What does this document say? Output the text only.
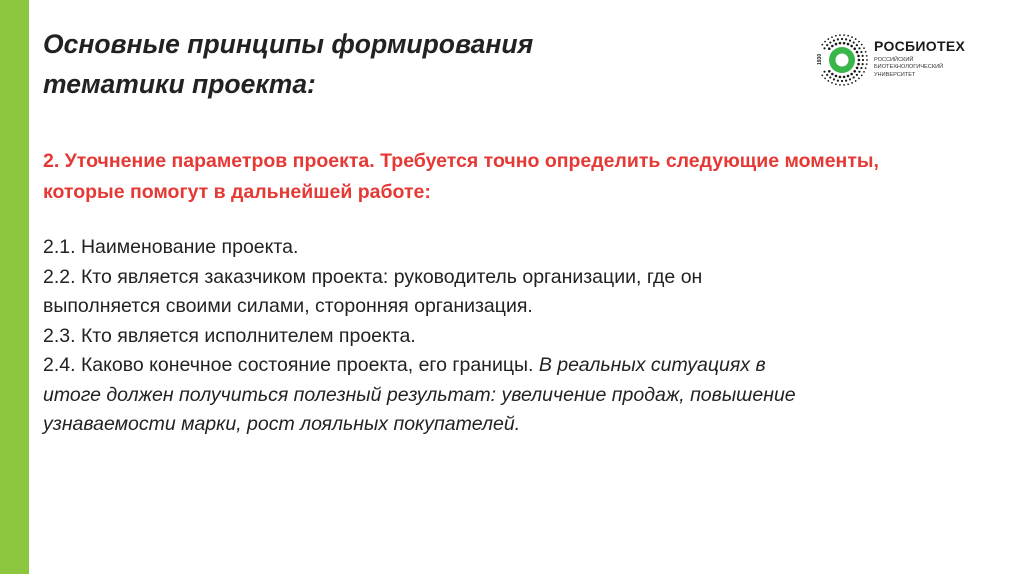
Основные принципы формирования
тематики проекта:
1930
РОСБИОТЕХ
РОССИЙСКИЙ
БИОТЕХНОЛОГИЧЕСКИЙ
УНИВЕРСИТЕТ
2. Уточнение параметров проекта. Требуется точно определить следующие моменты,
которые помогут в дальнейшей работе:
2.1. Наименование проекта.
2.2. Кто является заказчиком проекта: руководитель организации, где он
выполняется своими силами, сторонняя организация.
2.3. Кто является исполнителем проекта.
2.4. Каково конечное состояние проекта, его границы. В реальных ситуациях в
итоге должен получиться полезный результат: увеличение продаж, повышение
узнаваемости марки, рост лояльных покупателей.
